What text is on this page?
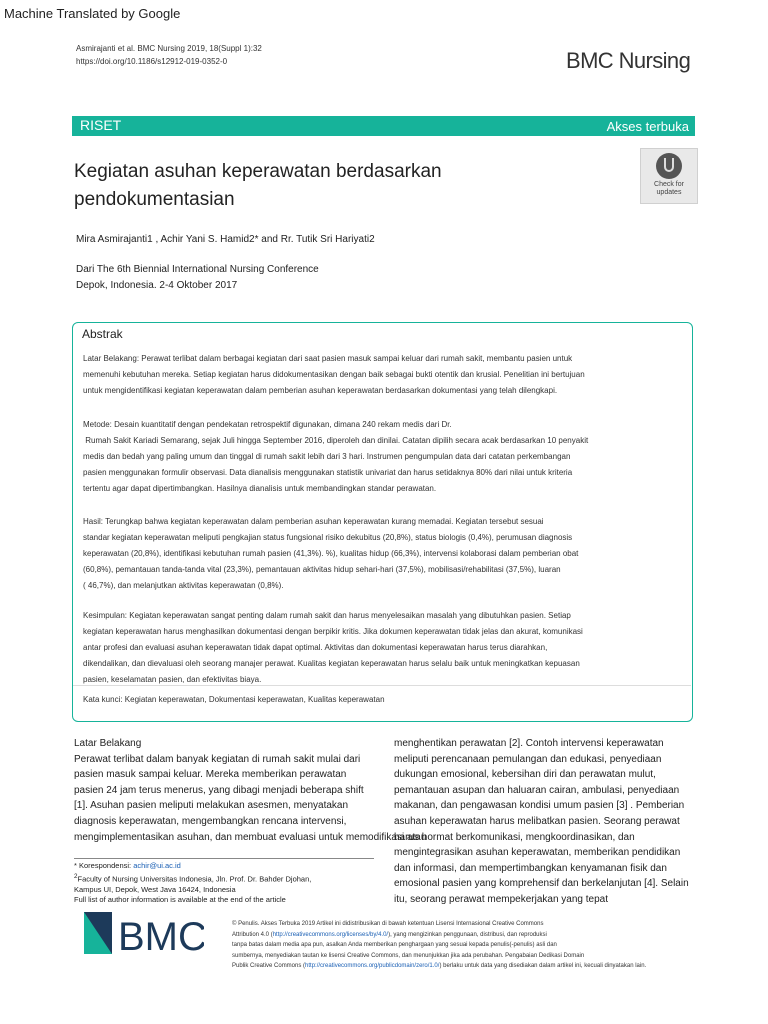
Machine Translated by Google
Asmirajanti et al. BMC Nursing 2019, 18(Suppl 1):32
https://doi.org/10.1186/s12912-019-0352-0	BMC Nursing
RISET	Akses terbuka
Kegiatan asuhan keperawatan berdasarkan
pendokumentasian
Check for
updates
Mira Asmirajanti1 , Achir Yani S. Hamid2* and Rr. Tutik Sri Hariyati2
Dari The 6th Biennial International Nursing Conference
Depok, Indonesia. 2-4 Oktober 2017
Abstrak
Latar Belakang: Perawat terlibat dalam berbagai kegiatan dari saat pasien masuk sampai keluar dari rumah sakit, membantu pasien untuk
memenuhi kebutuhan mereka. Setiap kegiatan harus didokumentasikan dengan baik sebagai bukti otentik dan krusial. Penelitian ini bertujuan
untuk mengidentifikasi kegiatan keperawatan dalam pemberian asuhan keperawatan berdasarkan dokumentasi yang telah dilengkapi.
Metode: Desain kuantitatif dengan pendekatan retrospektif digunakan, dimana 240 rekam medis dari Dr.
Rumah Sakit Kariadi Semarang, sejak Juli hingga September 2016, diperoleh dan dinilai. Catatan dipilih secara acak berdasarkan 10 penyakit
medis dan bedah yang paling umum dan tinggal di rumah sakit lebih dari 3 hari. Instrumen pengumpulan data dari catatan perkembangan
pasien menggunakan formulir observasi. Data dianalisis menggunakan statistik univariat dan harus setidaknya 80% dari nilai untuk kriteria
tertentu agar dapat dipertimbangkan. Hasilnya dianalisis untuk membandingkan standar perawatan.
Hasil: Terungkap bahwa kegiatan keperawatan dalam pemberian asuhan keperawatan kurang memadai. Kegiatan tersebut sesuai
standar kegiatan keperawatan meliputi pengkajian status fungsional risiko dekubitus (20,8%), status biologis (0,4%), perumusan diagnosis
keperawatan (20,8%), identifikasi kebutuhan rumah pasien (41,3%). %), kualitas hidup (66,3%), intervensi kolaborasi dalam pemberian obat
(60,8%), pemantauan tanda-tanda vital (23,3%), pemantauan aktivitas hidup sehari-hari (37,5%), mobilisasi/rehabilitasi (37,5%), luaran
( 46,7%), dan melanjutkan aktivitas keperawatan (0,8%).
Kesimpulan: Kegiatan keperawatan sangat penting dalam rumah sakit dan harus menyelesaikan masalah yang dibutuhkan pasien. Setiap
kegiatan keperawatan harus menghasilkan dokumentasi dengan berpikir kritis. Jika dokumen keperawatan tidak jelas dan akurat, komunikasi
antar profesi dan evaluasi asuhan keperawatan tidak dapat optimal. Aktivitas dan dokumentasi keperawatan harus terus diarahkan,
dikendalikan, dan dievaluasi oleh seorang manajer perawat. Kualitas kegiatan keperawatan harus selalu baik untuk meningkatkan kepuasan
pasien, keselamatan pasien, dan efektivitas biaya.
Kata kunci: Kegiatan keperawatan, Dokumentasi keperawatan, Kualitas keperawatan
Latar Belakang
Perawat terlibat dalam banyak kegiatan di rumah sakit mulai dari
pasien masuk sampai keluar. Mereka memberikan perawatan
pasien 24 jam terus menerus, yang dibagi menjadi beberapa shift
[1]. Asuhan pasien meliputi melakukan asesmen, menyatakan
diagnosis keperawatan, mengembangkan rencana intervensi,
mengimplementasikan asuhan, dan membuat evaluasi untuk memodifikasi atau
menghentikan perawatan [2]. Contoh intervensi keperawatan
meliputi perencanaan pemulangan dan edukasi, penyediaan
dukungan emosional, kebersihan diri dan perawatan mulut,
pemantauan asupan dan haluaran cairan, ambulasi, penyediaan
makanan, dan pengawasan kondisi umum pasien [3] . Pemberian
asuhan keperawatan harus melibatkan pasien. Seorang perawat
harus hormat berkomunikasi, mengkoordinasikan, dan
mengintegrasikan asuhan keperawatan, memberikan pendidikan
dan informasi, dan mempertimbangkan kenyamanan fisik dan
emosional pasien yang komprehensif dan berkelanjutan [4]. Selain
itu, seorang perawat mempekerjakan yang tepat
* Korespondensi: achir@ui.ac.id
$^2$Faculty of Nursing Universitas Indonesia, Jln. Prof. Dr. Bahder Djohan,
Kampus UI, Depok, West Java 16424, Indonesia
Full list of author information is available at the end of the article
BMC	© Penulis. Akses Terbuka 2019 Artikel ini didistribusikan di bawah ketentuan Lisensi Internasional Creative Commons
Attribution 4.0 (http://creativecommons.org/licenses/by/4.0/), yang mengizinkan penggunaan, distribusi, dan reproduksi
tanpa batas dalam media apa pun, asalkan Anda memberikan penghargaan yang sesuai kepada penulis(-penulis) asli dan
sumbernya, menyediakan tautan ke lisensi Creative Commons, dan menunjukkan jika ada perubahan. Pengabaian Dedikasi Domain
Publik Creative Commons (http://creativecommons.org/publicdomain/zero/1.0/) berlaku untuk data yang disediakan dalam artikel ini, kecuali dinyatakan lain.
